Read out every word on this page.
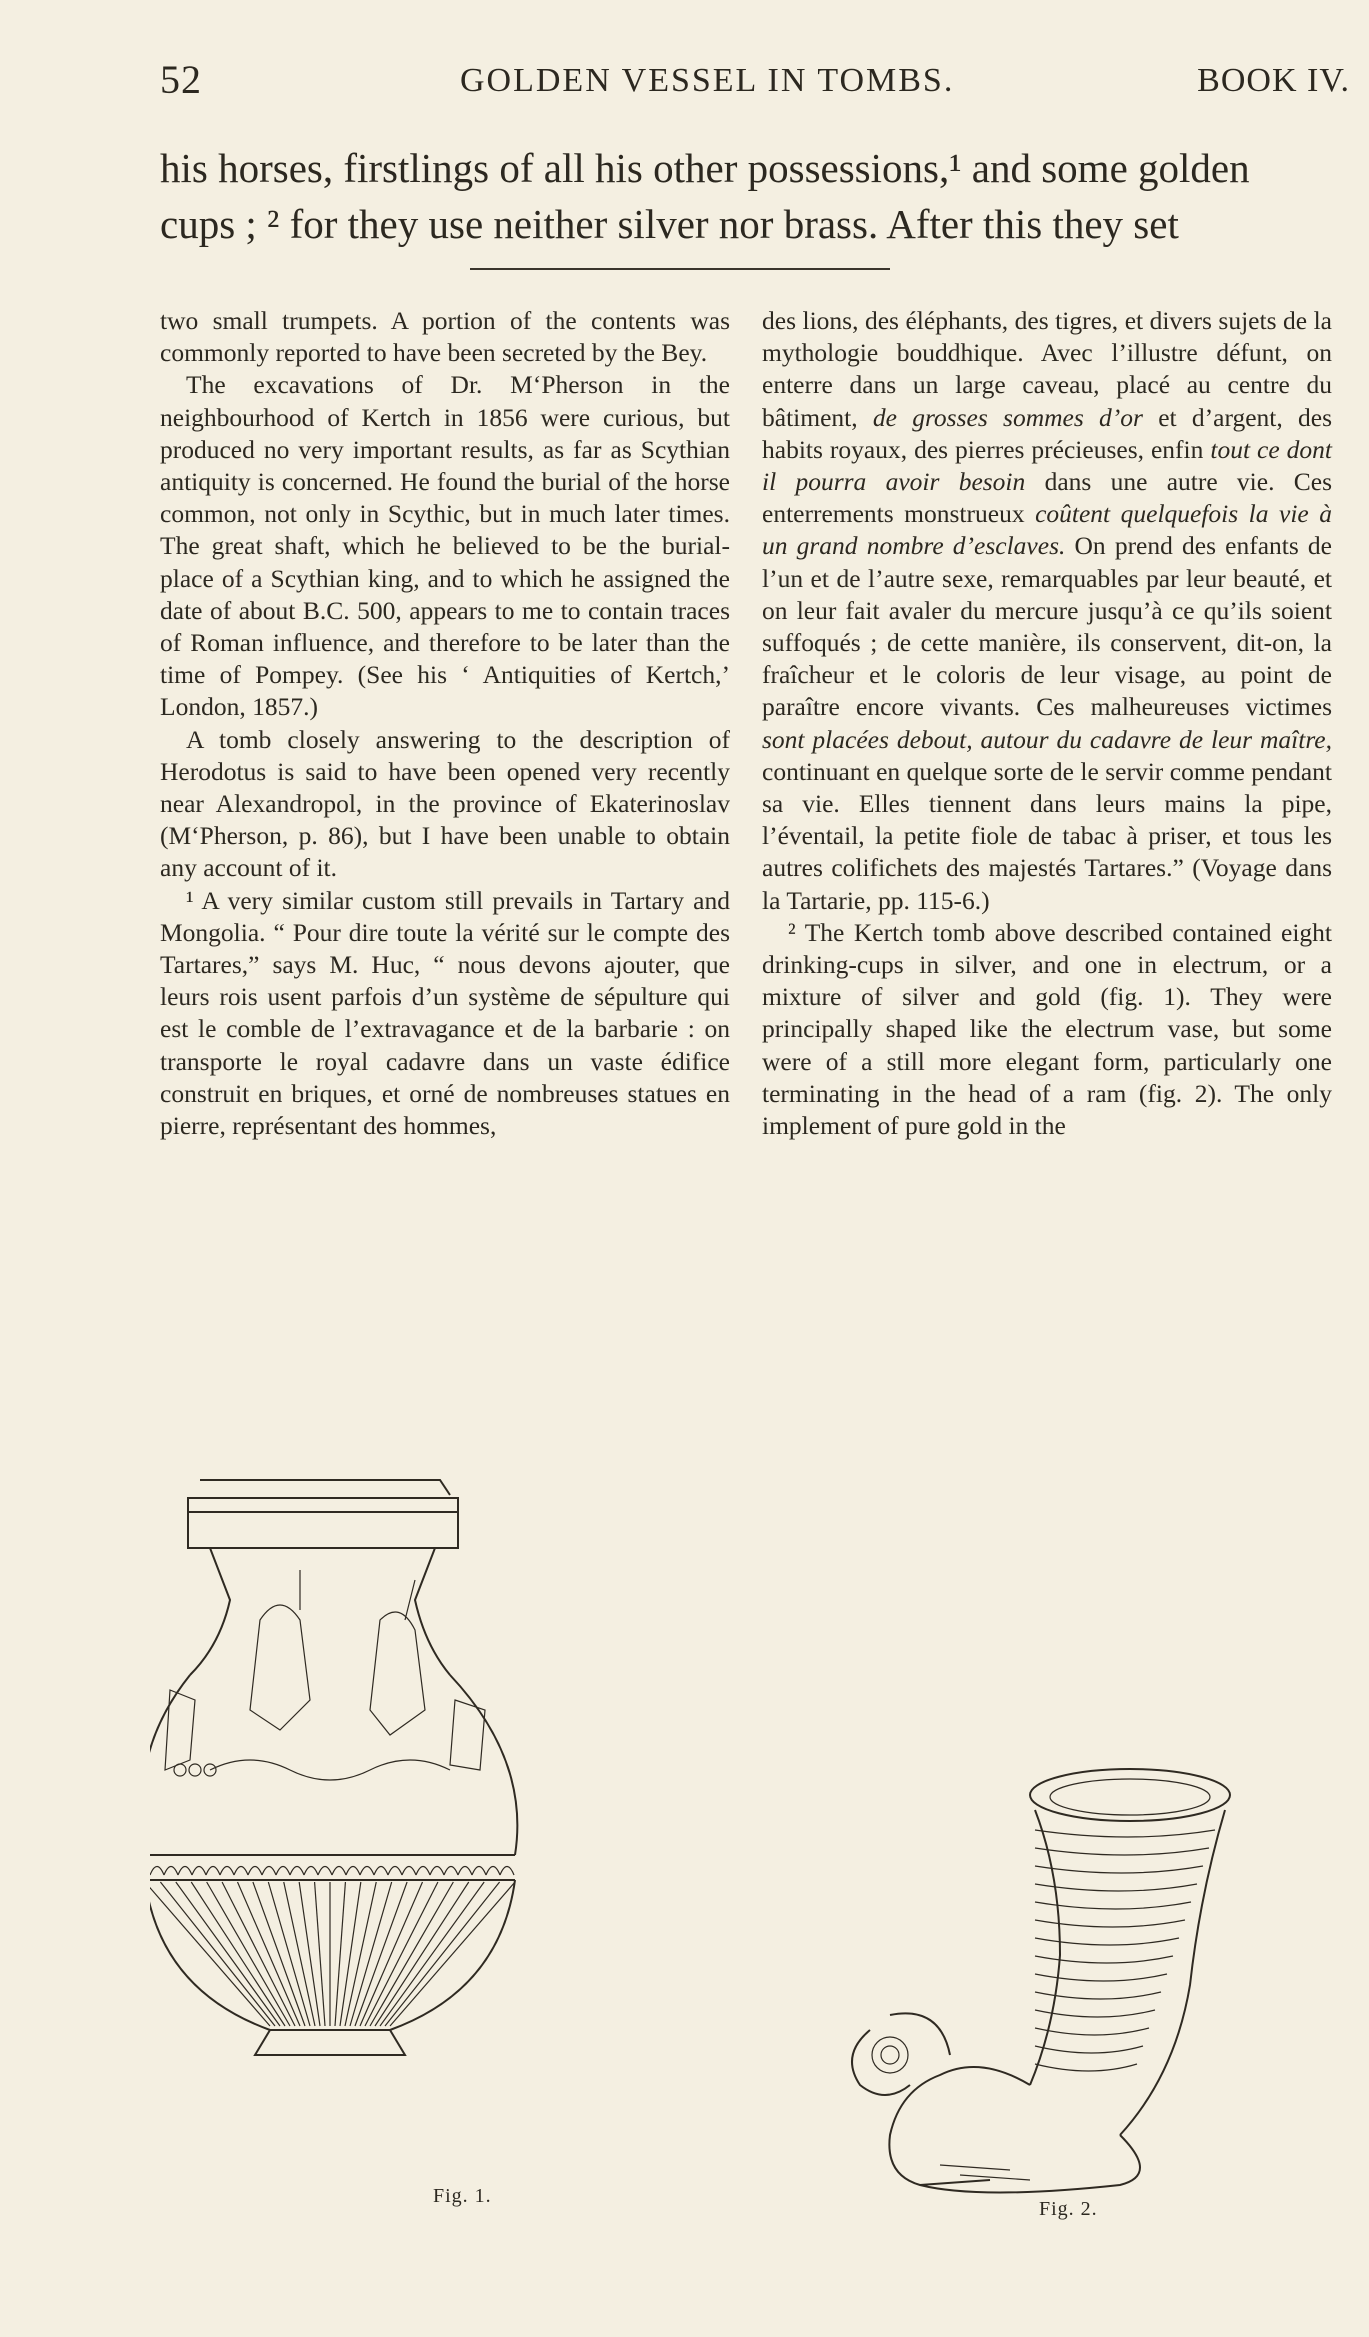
52	GOLDEN VESSEL IN TOMBS.	BOOK IV.

his horses, firstlings of all his other possessions,¹ and some golden

cups ; ² for they use neither silver nor brass. After this they set

two small trumpets. A portion of the contents was commonly reported to have been secreted by the Bey.

The excavations of Dr. M‘Pherson in the neighbourhood of Kertch in 1856 were curious, but produced no very important results, as far as Scythian antiquity is concerned. He found the burial of the horse common, not only in Scythic, but in much later times. The great shaft, which he believed to be the burial-place of a Scythian king, and to which he assigned the date of about B.C. 500, appears to me to contain traces of Roman influence, and therefore to be later than the time of Pompey. (See his ‘ Antiquities of Kertch,’ London, 1857.)

A tomb closely answering to the description of Herodotus is said to have been opened very recently near Alexandropol, in the province of Ekaterinoslav (M‘Pherson, p. 86), but I have been unable to obtain any account of it.

¹ A very similar custom still prevails in Tartary and Mongolia. “ Pour dire toute la vérité sur le compte des Tartares,” says M. Huc, “ nous devons ajouter, que leurs rois usent parfois d’un système de sépulture qui est le comble de l’extravagance et de la barbarie : on transporte le royal cadavre dans un vaste édifice construit en briques, et orné de nombreuses statues en pierre, représentant des hommes,

des lions, des éléphants, des tigres, et divers sujets de la mythologie bouddhique. Avec l’illustre défunt, on enterre dans un large caveau, placé au centre du bâtiment, de grosses sommes d’or et d’argent, des habits royaux, des pierres précieuses, enfin tout ce dont il pourra avoir besoin dans une autre vie. Ces enterrements monstrueux coûtent quelquefois la vie à un grand nombre d’esclaves. On prend des enfants de l’un et de l’autre sexe, remarquables par leur beauté, et on leur fait avaler du mercure jusqu’à ce qu’ils soient suffoqués ; de cette manière, ils conservent, dit-on, la fraîcheur et le coloris de leur visage, au point de paraître encore vivants. Ces malheureuses victimes sont placées debout, autour du cadavre de leur maître, continuant en quelque sorte de le servir comme pendant sa vie. Elles tiennent dans leurs mains la pipe, l’éventail, la petite fiole de tabac à priser, et tous les autres colifichets des majestés Tartares.” (Voyage dans la Tartarie, pp. 115-6.)

² The Kertch tomb above described contained eight drinking-cups in silver, and one in electrum, or a mixture of silver and gold (fig. 1). They were principally shaped like the electrum vase, but some were of a still more elegant form, particularly one terminating in the head of a ram (fig. 2). The only implement of pure gold in the

Fig. 1.
Fig. 2.
